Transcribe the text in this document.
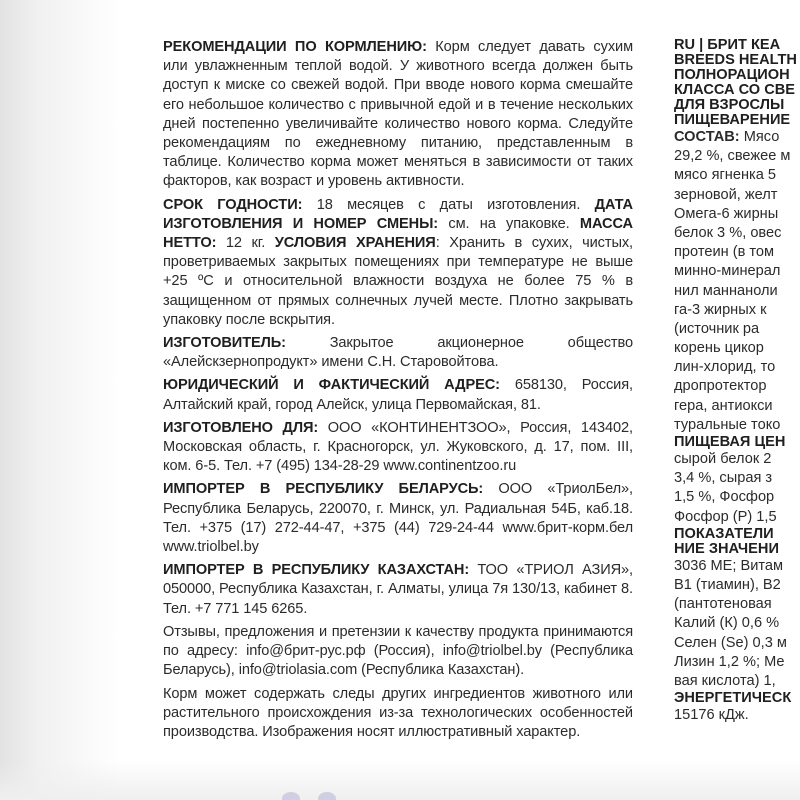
РЕКОМЕНДАЦИИ ПО КОРМЛЕНИЮ: Корм следует давать сухим или увлажненным теплой водой. У животного всегда должен быть доступ к миске со свежей водой. При вводе нового корма смешайте его небольшое количество с привычной едой и в течение нескольких дней постепенно увеличивайте количество нового корма. Следуйте рекомендациям по ежедневному питанию, представленным в таблице. Количество корма может меняться в зависимости от таких факторов, как возраст и уровень активности.

СРОК ГОДНОСТИ: 18 месяцев с даты изготовления. ДАТА ИЗГОТОВЛЕНИЯ И НОМЕР СМЕНЫ: см. на упаковке. МАССА НЕТТО: 12 кг. УСЛОВИЯ ХРАНЕНИЯ: Хранить в сухих, чистых, проветриваемых закрытых помещениях при температуре не выше +25 ºС и относительной влажности воздуха не более 75 % в защищенном от прямых солнечных лучей месте. Плотно закрывать упаковку после вскрытия.

ИЗГОТОВИТЕЛЬ: Закрытое акционерное общество «Алейскзернопродукт» имени С.Н. Старовойтова.

ЮРИДИЧЕСКИЙ И ФАКТИЧЕСКИЙ АДРЕС: 658130, Россия, Алтайский край, город Алейск, улица Первомайская, 81.

ИЗГОТОВЛЕНО ДЛЯ: ООО «КОНТИНЕНТЗОО», Россия, 143402, Московская область, г. Красногорск, ул. Жуковского, д. 17, пом. III, ком. 6-5. Тел. +7 (495) 134-28-29 www.continentzoo.ru

ИМПОРТЕР В РЕСПУБЛИКУ БЕЛАРУСЬ: ООО «ТриолБел», Республика Беларусь, 220070, г. Минск, ул. Радиальная 54Б, каб.18. Тел. +375 (17) 272-44-47, +375 (44) 729-24-44 www.брит-корм.бел www.triolbel.by

ИМПОРТЕР В РЕСПУБЛИКУ КАЗАХСТАН: ТОО «ТРИОЛ АЗИЯ», 050000, Республика Казахстан, г. Алматы, улица 7я 130/13, кабинет 8. Тел. +7 771 145 6265.

Отзывы, предложения и претензии к качеству продукта принимаются по адресу: info@брит-рус.рф (Россия), info@triolbel.by (Республика Беларусь), info@triolasia.com (Республика Казахстан).

Корм может содержать следы других ингредиентов животного или растительного происхождения из-за технологических особенностей производства. Изображения носят иллюстративный характер.

RU | БРИТ КЕА
BREEDS HEALTH
ПОЛНОРАЦИОН
КЛАССА СО СВЕ
ДЛЯ ВЗРОСЛЫ
ПИЩЕВАРЕНИЕ
СОСТАВ: Мясо
29,2 %, свежее м
мясо ягненка 5
зерновой, желт
Омега-6 жирны
белок 3 %, овес
протеин (в том
минно-минерал
нил маннаноли
га-3 жирных к
(источник ра
корень цикор
лин-хлорид, то
дропротектор
гера, антиокси
туральные токо
ПИЩЕВАЯ ЦЕН
сырой белок 2
3,4 %, сырая з
1,5 %, Фосфор
Фосфор (Р) 1,5
ПОКАЗАТЕЛИ
НИЕ ЗНАЧЕНИ
3036 МЕ; Витам
В1 (тиамин), В2
(пантотеновая
Калий (К) 0,6 %
Селен (Se) 0,3 м
Лизин 1,2 %; Ме
вая кислота) 1,
ЭНЕРГЕТИЧЕСК
15176 кДж.
